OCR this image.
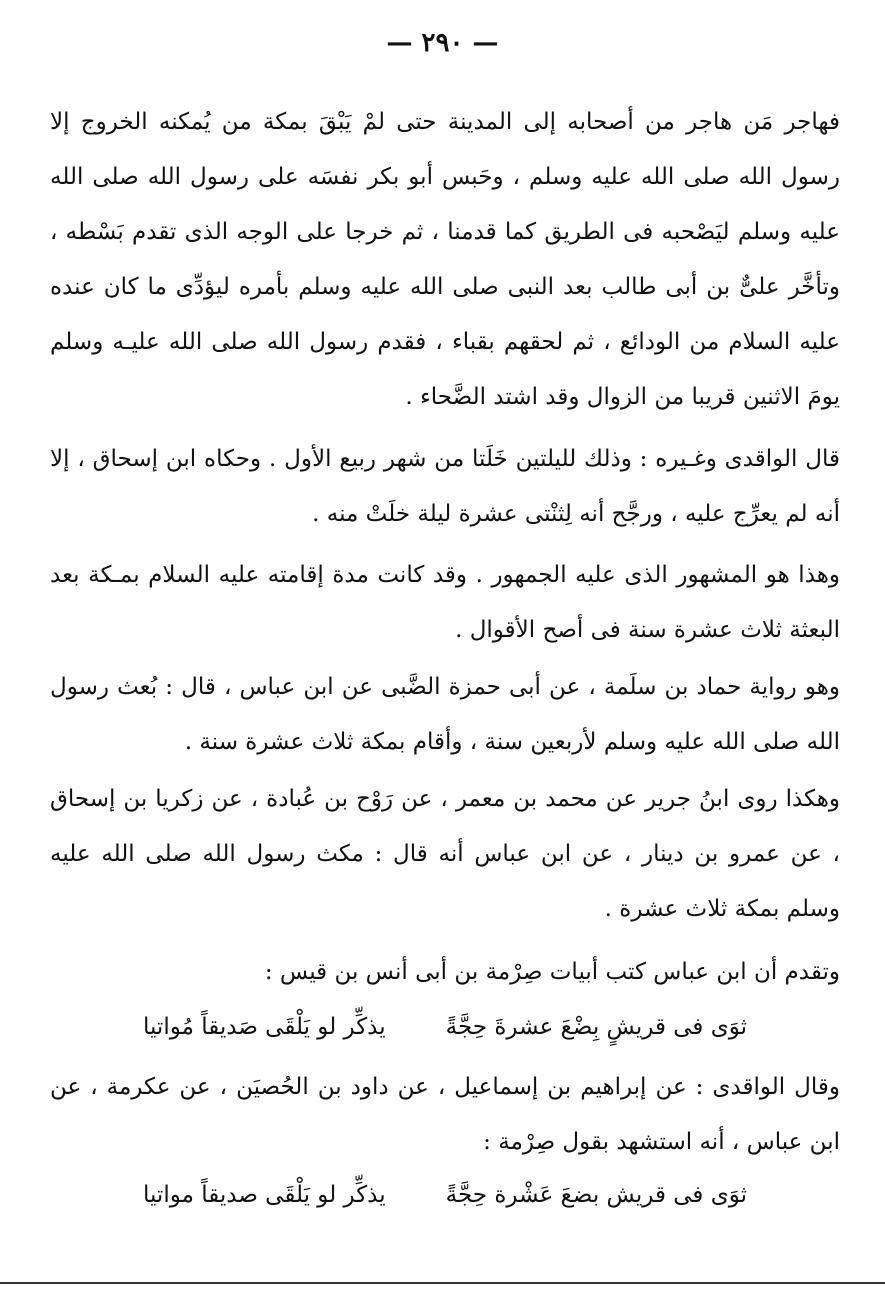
— ٢٩٠ —

فهاجر مَن هاجر من أصحابه إلى المدينة حتى لمْ يَبْقَ بمكة من يُمكنه الخروج إلا رسول الله صلى الله عليه وسلم ، وحَبس أبو بكر نفسَه على رسول الله صلى الله عليه وسلم ليَصْحبه فى الطريق كما قدمنا ، ثم خرجا على الوجه الذى تقدم بَسْطه ، وتأخَّر علىٌّ بن أبى طالب بعد النبى صلى الله عليه وسلم بأمره ليؤدِّى ما كان عنده عليه السلام من الودائع ، ثم لحقهم بقباء ، فقدم رسول الله صلى الله عليـه وسلم يومَ الاثنين قريبا من الزوال وقد اشتد الضَّحاء .

قال الواقدى وغـيره : وذلك لليلتين خَلَتا من شهر ربيع الأول . وحكاه ابن إسحاق ، إلا أنه لم يعرِّج عليه ، ورجَّح أنه لِثنْتى عشرة ليلة خلَتْ منه .

وهذا هو المشهور الذى عليه الجمهور . وقد كانت مدة إقامته عليه السلام بمـكة بعد البعثة ثلاث عشرة سنة فى أصح الأقوال .

وهو رواية حماد بن سلَمة ، عن أبى حمزة الضَّبى عن ابن عباس ، قال : بُعث رسول الله صلى الله عليه وسلم لأربعين سنة ، وأقام بمكة ثلاث عشرة سنة .

وهكذا روى ابنُ جرير عن محمد بن معمر ، عن رَوْح بن عُبادة ، عن زكريا بن إسحاق ، عن عمرو بن دينار ، عن ابن عباس أنه قال : مكث رسول الله صلى الله عليه وسلم بمكة ثلاث عشرة .

وتقدم أن ابن عباس كتب أبيات صِرْمة بن أبى أنس بن قيس :

ثوَى فى قريشٍ بِضْعَ عشرةَ حِجَّةً
يذكِّر لو يَلْقَى صَديقاً مُواتيا

وقال الواقدى : عن إبراهيم بن إسماعيل ، عن داود بن الحُصيَن ، عن عكرمة ، عن ابن عباس ، أنه استشهد بقول صِرْمة :

ثوَى فى قريش بضعَ عَشْرة حِجَّةً
يذكِّر لو يَلْقَى صديقاً مواتيا
